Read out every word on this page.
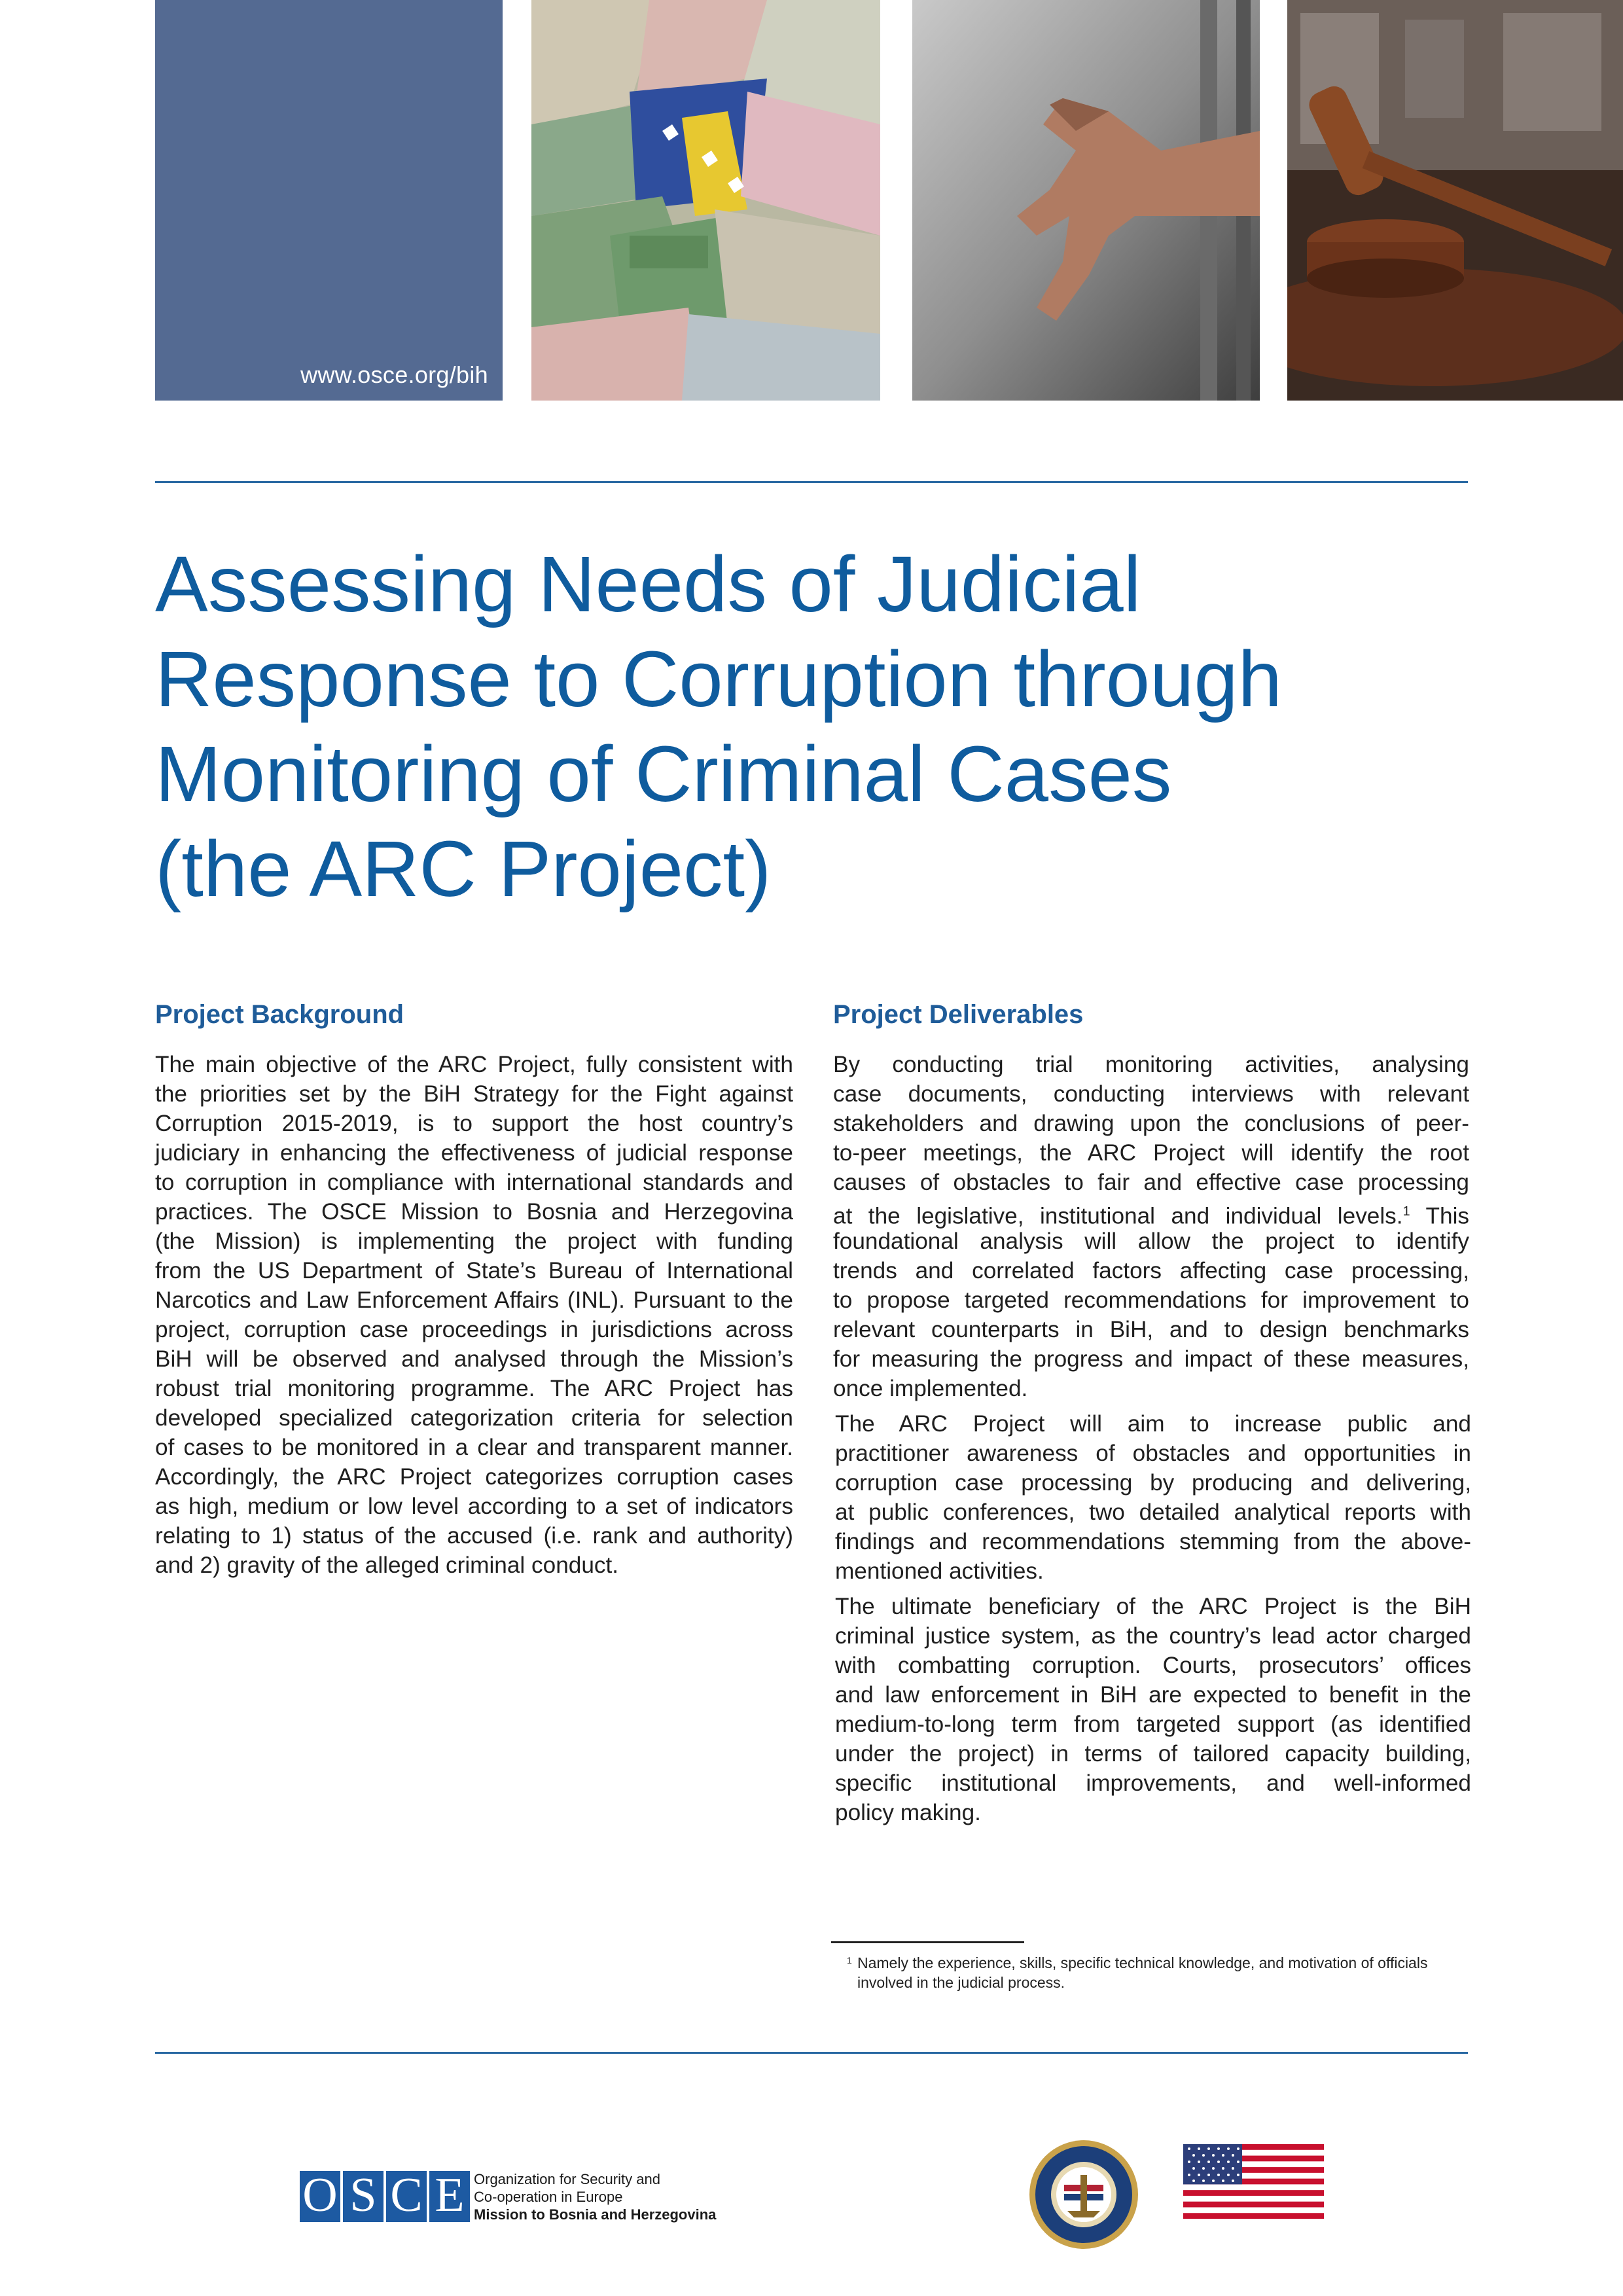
www.osce.org/bih
Assessing Needs of Judicial
Response to Corruption through
Monitoring of Criminal Cases
(the ARC Project)
Project Background
The main objective of the ARC Project, fully consistent with
the priorities set by the BiH Strategy for the Fight against
Corruption 2015-2019, is to support the host country’s
judiciary in enhancing the effectiveness of judicial response
to corruption in compliance with international standards and
practices. The OSCE Mission to Bosnia and Herzegovina
(the Mission) is implementing the project with funding
from the US Department of State’s Bureau of International
Narcotics and Law Enforcement Affairs (INL). Pursuant to the
project, corruption case proceedings in jurisdictions across
BiH will be observed and analysed through the Mission’s
robust trial monitoring programme. The ARC Project has
developed specialized categorization criteria for selection
of cases to be monitored in a clear and transparent manner.
Accordingly, the ARC Project categorizes corruption cases
as high, medium or low level according to a set of indicators
relating to 1) status of the accused (i.e. rank and authority)
and 2) gravity of the alleged criminal conduct.
Project Deliverables
By conducting trial monitoring activities, analysing
case documents, conducting interviews with relevant
stakeholders and drawing upon the conclusions of peer-
to-peer meetings, the ARC Project will identify the root
causes of obstacles to fair and effective case processing
at the legislative, institutional and individual levels.$^1$ This
foundational analysis will allow the project to identify
trends and correlated factors affecting case processing,
to propose targeted recommendations for improvement to
relevant counterparts in BiH, and to design benchmarks
for measuring the progress and impact of these measures,
once implemented.
The ARC Project will aim to increase public and
practitioner awareness of obstacles and opportunities in
corruption case processing by producing and delivering,
at public conferences, two detailed analytical reports with
findings and recommendations stemming from the above-
mentioned activities.
The ultimate beneficiary of the ARC Project is the BiH
criminal justice system, as the country’s lead actor charged
with combatting corruption. Courts, prosecutors’ offices
and law enforcement in BiH are expected to benefit in the
medium-to-long term from targeted support (as identified
under the project) in terms of tailored capacity building,
specific institutional improvements, and well-informed
policy making.
1 Namely the experience, skills, specific technical knowledge, and motivation of officials
involved in the judicial process.
O S C E Organization for Security and
Co-operation in Europe
Mission to Bosnia and Herzegovina
